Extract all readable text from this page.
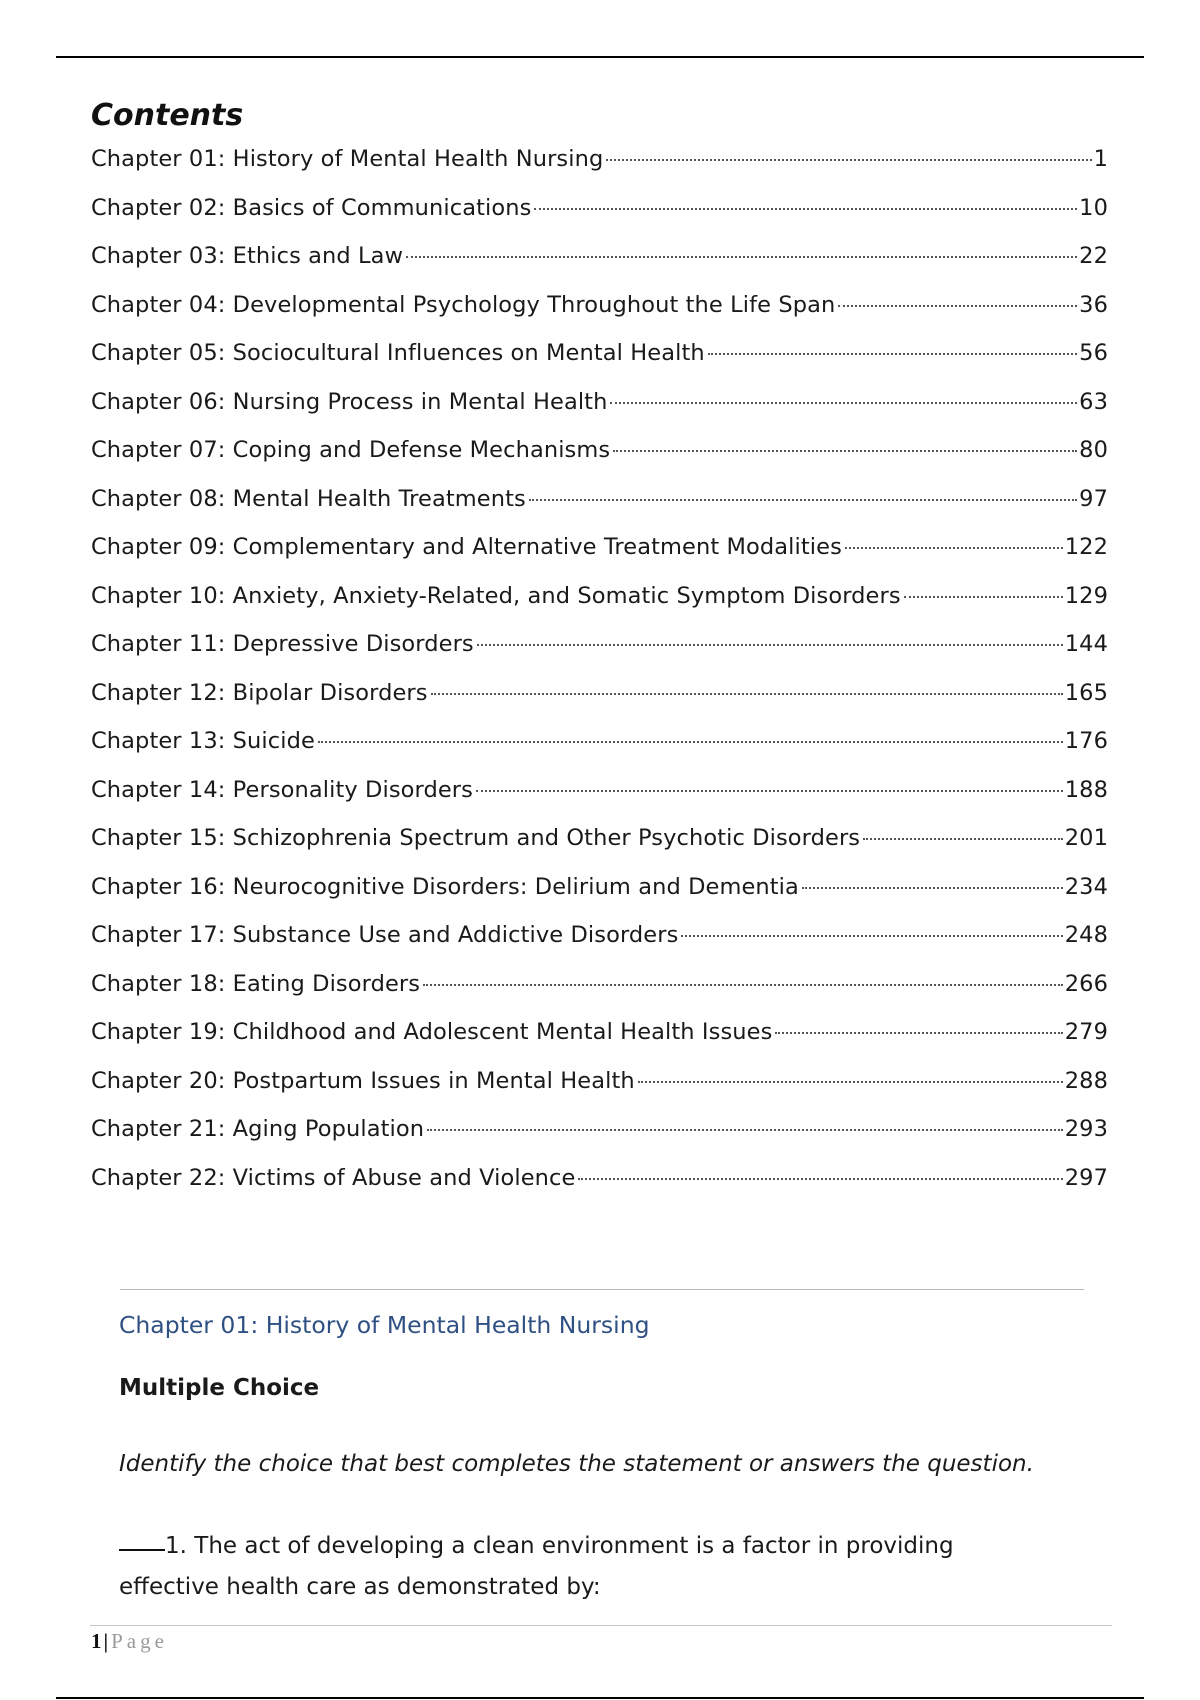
Contents
Chapter 01: History of Mental Health Nursing	1
Chapter 02: Basics of Communications	10
Chapter 03: Ethics and Law	22
Chapter 04: Developmental Psychology Throughout the Life Span	36
Chapter 05: Sociocultural Influences on Mental Health	56
Chapter 06: Nursing Process in Mental Health	63
Chapter 07: Coping and Defense Mechanisms	80
Chapter 08: Mental Health Treatments	97
Chapter 09: Complementary and Alternative Treatment Modalities	122
Chapter 10: Anxiety, Anxiety-Related, and Somatic Symptom Disorders	129
Chapter 11: Depressive Disorders	144
Chapter 12: Bipolar Disorders	165
Chapter 13: Suicide	176
Chapter 14: Personality Disorders	188
Chapter 15: Schizophrenia Spectrum and Other Psychotic Disorders	201
Chapter 16: Neurocognitive Disorders: Delirium and Dementia	234
Chapter 17: Substance Use and Addictive Disorders	248
Chapter 18: Eating Disorders	266
Chapter 19: Childhood and Adolescent Mental Health Issues	279
Chapter 20: Postpartum Issues in Mental Health	288
Chapter 21: Aging Population	293
Chapter 22: Victims of Abuse and Violence	297
Chapter 01: History of Mental Health Nursing
Multiple Choice
Identify the choice that best completes the statement or answers the question.
1. The act of developing a clean environment is a factor in providing
effective health care as demonstrated by:
1| Page
